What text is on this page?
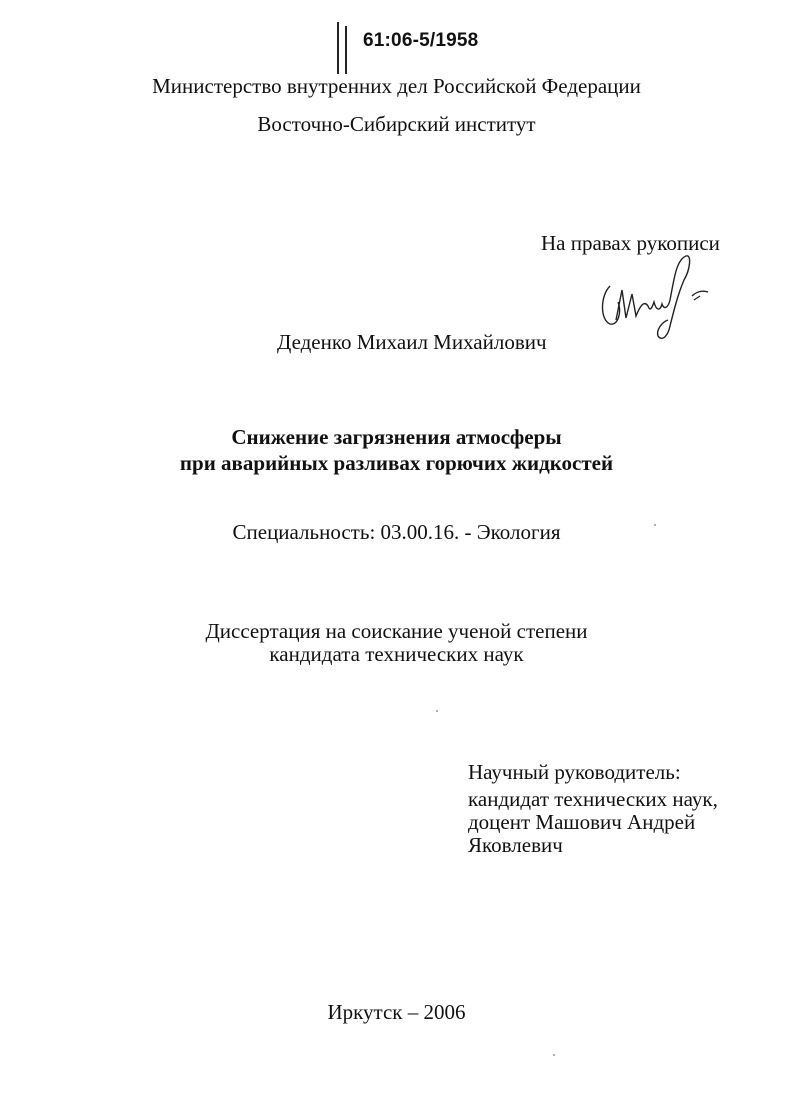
61:06-5/1958
Министерство внутренних дел Российской Федерации
Восточно-Сибирский институт
На правах рукописи
Деденко Михаил Михайлович
Снижение загрязнения атмосферы
при аварийных разливах горючих жидкостей
Специальность: 03.00.16. - Экология
Диссертация на соискание ученой степени
кандидата технических наук
Научный руководитель:
кандидат технических наук,
доцент Машович Андрей
Яковлевич
Иркутск – 2006
